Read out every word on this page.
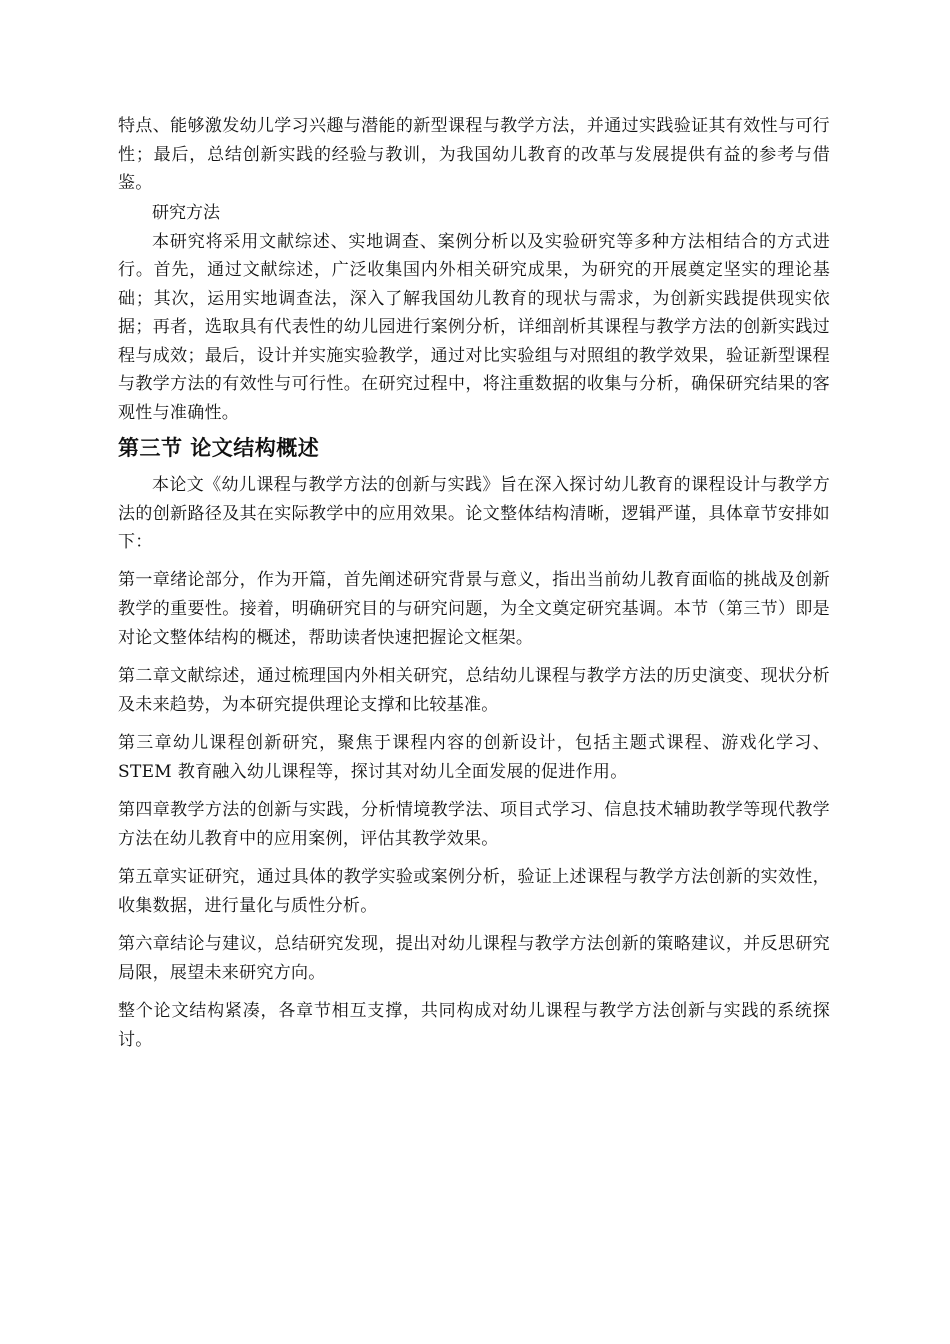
特点、能够激发幼儿学习兴趣与潜能的新型课程与教学方法，并通过实践验证其有效性与可行性；最后，总结创新实践的经验与教训，为我国幼儿教育的改革与发展提供有益的参考与借鉴。

研究方法

本研究将采用文献综述、实地调查、案例分析以及实验研究等多种方法相结合的方式进行。首先，通过文献综述，广泛收集国内外相关研究成果，为研究的开展奠定坚实的理论基础；其次，运用实地调查法，深入了解我国幼儿教育的现状与需求，为创新实践提供现实依据；再者，选取具有代表性的幼儿园进行案例分析，详细剖析其课程与教学方法的创新实践过程与成效；最后，设计并实施实验教学，通过对比实验组与对照组的教学效果，验证新型课程与教学方法的有效性与可行性。在研究过程中，将注重数据的收集与分析，确保研究结果的客观性与准确性。

第三节 论文结构概述

本论文《幼儿课程与教学方法的创新与实践》旨在深入探讨幼儿教育的课程设计与教学方法的创新路径及其在实际教学中的应用效果。论文整体结构清晰，逻辑严谨，具体章节安排如下：

第一章绪论部分，作为开篇，首先阐述研究背景与意义，指出当前幼儿教育面临的挑战及创新教学的重要性。接着，明确研究目的与研究问题，为全文奠定研究基调。本节（第三节）即是对论文整体结构的概述，帮助读者快速把握论文框架。

第二章文献综述，通过梳理国内外相关研究，总结幼儿课程与教学方法的历史演变、现状分析及未来趋势，为本研究提供理论支撑和比较基准。

第三章幼儿课程创新研究，聚焦于课程内容的创新设计，包括主题式课程、游戏化学习、STEM 教育融入幼儿课程等，探讨其对幼儿全面发展的促进作用。

第四章教学方法的创新与实践，分析情境教学法、项目式学习、信息技术辅助教学等现代教学方法在幼儿教育中的应用案例，评估其教学效果。

第五章实证研究，通过具体的教学实验或案例分析，验证上述课程与教学方法创新的实效性，收集数据，进行量化与质性分析。

第六章结论与建议，总结研究发现，提出对幼儿课程与教学方法创新的策略建议，并反思研究局限，展望未来研究方向。

整个论文结构紧凑，各章节相互支撑，共同构成对幼儿课程与教学方法创新与实践的系统探讨。
